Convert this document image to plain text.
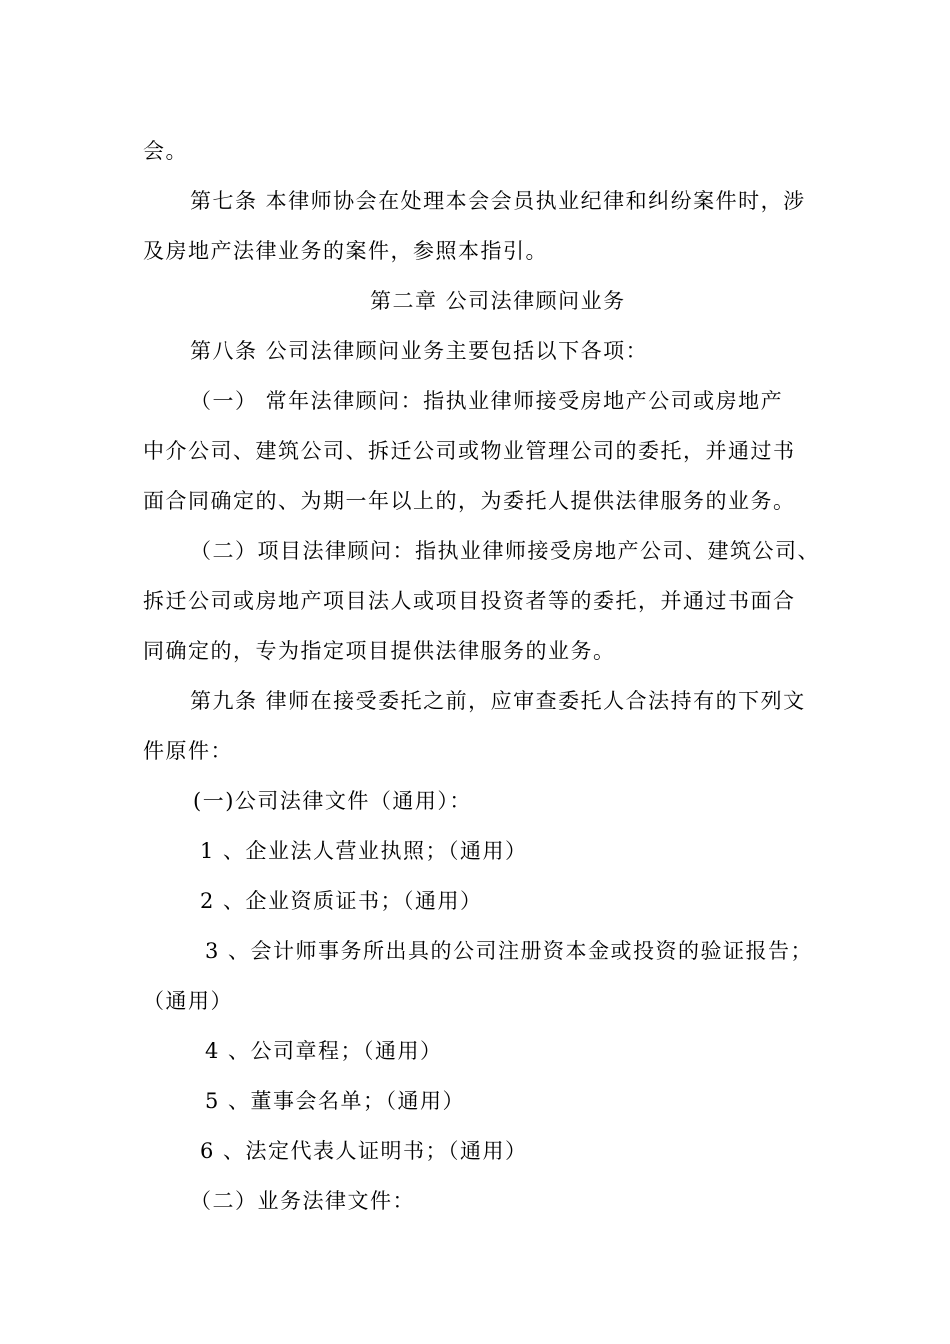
会。
第七条 本律师协会在处理本会会员执业纪律和纠纷案件时，涉
及房地产法律业务的案件，参照本指引。
第二章 公司法律顾问业务
第八条 公司法律顾问业务主要包括以下各项：
（一） 常年法律顾问：指执业律师接受房地产公司或房地产
中介公司、建筑公司、拆迁公司或物业管理公司的委托，并通过书
面合同确定的、为期一年以上的，为委托人提供法律服务的业务。
（二）项目法律顾问：指执业律师接受房地产公司、建筑公司、
拆迁公司或房地产项目法人或项目投资者等的委托，并通过书面合
同确定的，专为指定项目提供法律服务的业务。
第九条 律师在接受委托之前，应审查委托人合法持有的下列文
件原件：
(一)公司法律文件（通用）：
1 、企业法人营业执照；（通用）
2 、企业资质证书；（通用）
3 、会计师事务所出具的公司注册资本金或投资的验证报告；
（通用）
4 、公司章程；（通用）
5 、董事会名单；（通用）
6 、法定代表人证明书；（通用）
（二）业务法律文件：
